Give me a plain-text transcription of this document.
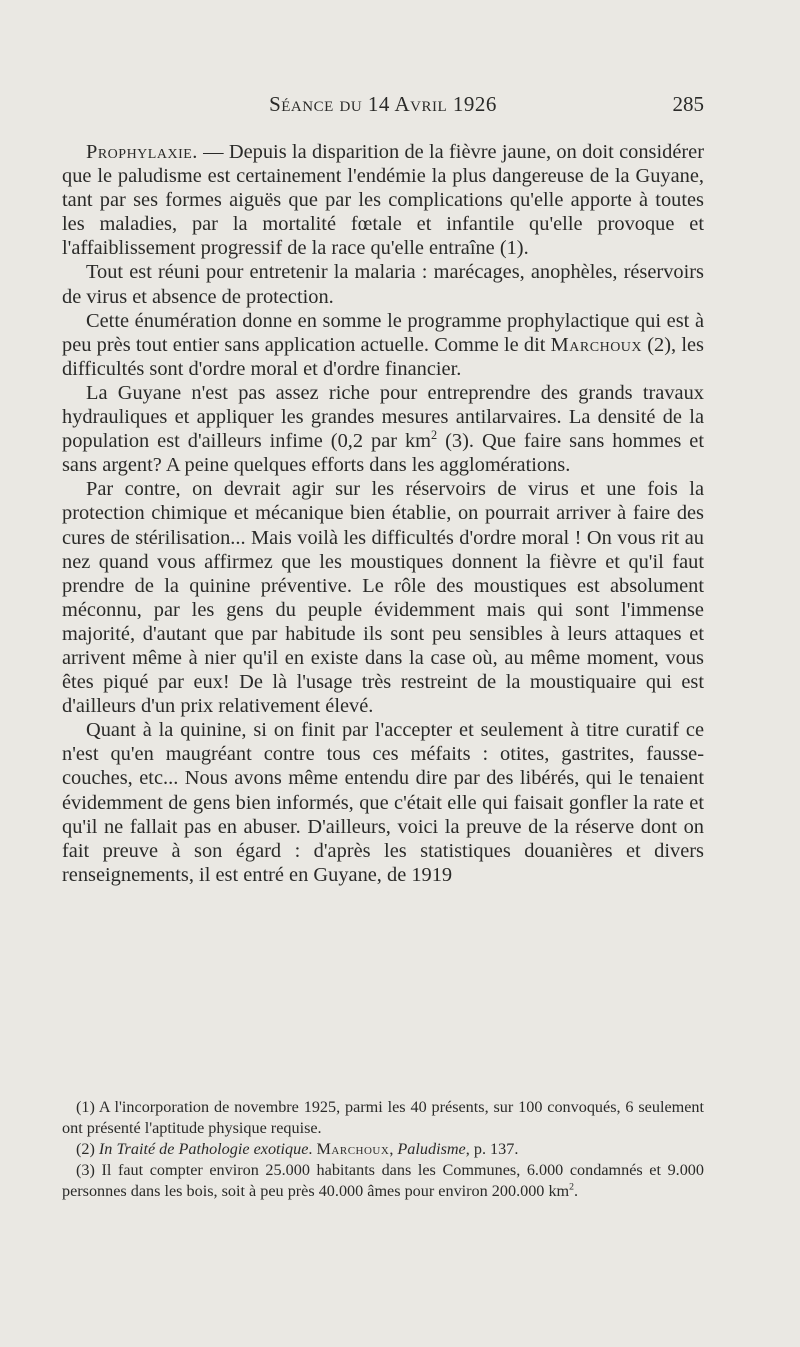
Séance du 14 Avril 1926	285

Prophylaxie. — Depuis la disparition de la fièvre jaune, on doit considérer que le paludisme est certainement l'endémie la plus dangereuse de la Guyane, tant par ses formes aiguës que par les complications qu'elle apporte à toutes les maladies, par la mortalité fœtale et infantile qu'elle provoque et l'affaiblissement progressif de la race qu'elle entraîne (1).

Tout est réuni pour entretenir la malaria : marécages, anophèles, réservoirs de virus et absence de protection.

Cette énumération donne en somme le programme prophylactique qui est à peu près tout entier sans application actuelle. Comme le dit Marchoux (2), les difficultés sont d'ordre moral et d'ordre financier.

La Guyane n'est pas assez riche pour entreprendre des grands travaux hydrauliques et appliquer les grandes mesures antilarvaires. La densité de la population est d'ailleurs infime (0,2 par $km^2$ (3). Que faire sans hommes et sans argent? A peine quelques efforts dans les agglomérations.

Par contre, on devrait agir sur les réservoirs de virus et une fois la protection chimique et mécanique bien établie, on pourrait arriver à faire des cures de stérilisation... Mais voilà les difficultés d'ordre moral ! On vous rit au nez quand vous affirmez que les moustiques donnent la fièvre et qu'il faut prendre de la quinine préventive. Le rôle des moustiques est absolument méconnu, par les gens du peuple évidemment mais qui sont l'immense majorité, d'autant que par habitude ils sont peu sensibles à leurs attaques et arrivent même à nier qu'il en existe dans la case où, au même moment, vous êtes piqué par eux! De là l'usage très restreint de la moustiquaire qui est d'ailleurs d'un prix relativement élevé.

Quant à la quinine, si on finit par l'accepter et seulement à titre curatif ce n'est qu'en maugréant contre tous ces méfaits : otites, gastrites, fausse-couches, etc... Nous avons même entendu dire par des libérés, qui le tenaient évidemment de gens bien informés, que c'était elle qui faisait gonfler la rate et qu'il ne fallait pas en abuser. D'ailleurs, voici la preuve de la réserve dont on fait preuve à son égard : d'après les statistiques douanières et divers renseignements, il est entré en Guyane, de 1919

(1) A l'incorporation de novembre 1925, parmi les 40 présents, sur 100 convoqués, 6 seulement ont présenté l'aptitude physique requise.

(2) In Traité de Pathologie exotique. Marchoux, Paludisme, p. 137.

(3) Il faut compter environ 25.000 habitants dans les Communes, 6.000 condamnés et 9.000 personnes dans les bois, soit à peu près 40.000 âmes pour environ 200.000 $km^2$.
